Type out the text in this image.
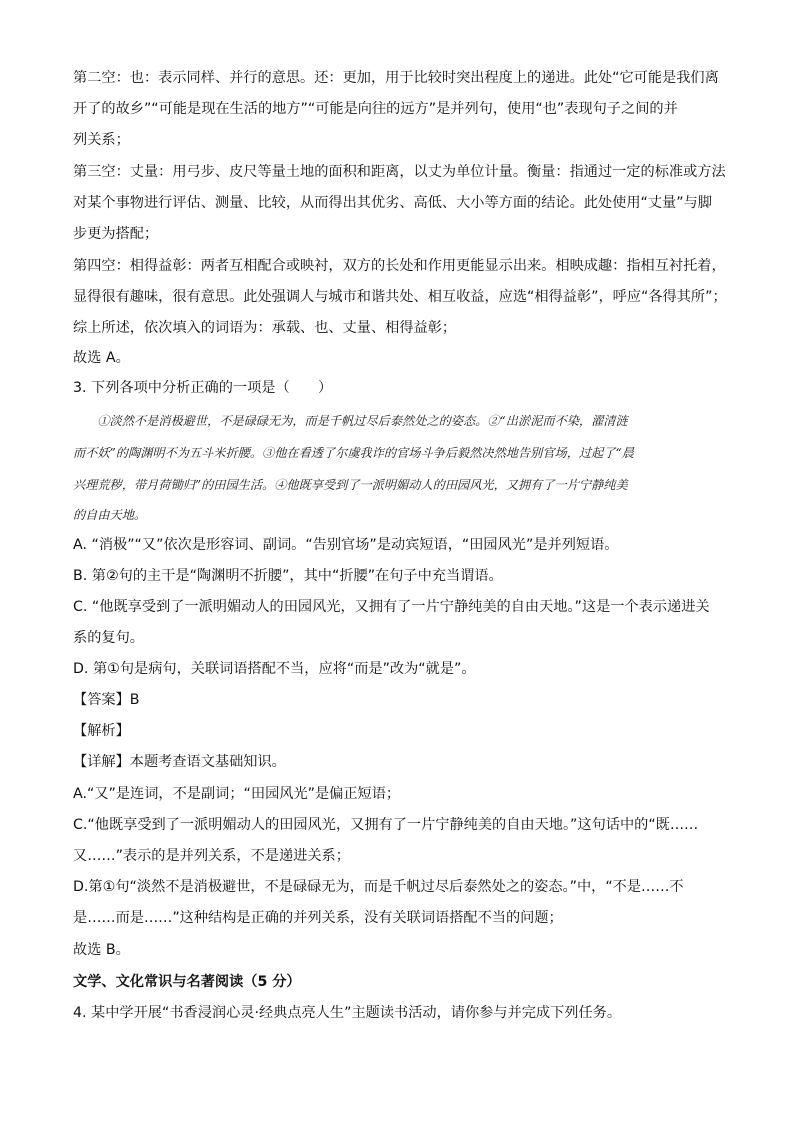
第二空：也：表示同样、并行的意思。还：更加，用于比较时突出程度上的递进。此处“它可能是我们离
开了的故乡”“可能是现在生活的地方”“可能是向往的远方”是并列句，使用“也”表现句子之间的并
列关系；
第三空：丈量：用弓步、皮尺等量土地的面积和距离，以丈为单位计量。衡量：指通过一定的标准或方法
对某个事物进行评估、测量、比较，从而得出其优劣、高低、大小等方面的结论。此处使用“丈量”与脚
步更为搭配；
第四空：相得益彰：两者互相配合或映衬，双方的长处和作用更能显示出来。相映成趣：指相互衬托着，
显得很有趣味，很有意思。此处强调人与城市和谐共处、相互收益，应选“相得益彰”，呼应“各得其所”；
综上所述，依次填入的词语为：承载、也、丈量、相得益彰；
故选 A。
3. 下列各项中分析正确的一项是（　　）
　　①淡然不是消极避世，不是碌碌无为，而是千帆过尽后泰然处之的姿态。②“出淤泥而不染，濯清涟
而不妖”的陶渊明不为五斗米折腰。③他在看透了尔虞我诈的官场斗争后毅然决然地告别官场，过起了“晨
兴理荒秽，带月荷锄归”的田园生活。④他既享受到了一派明媚动人的田园风光，又拥有了一片宁静纯美
的自由天地。
A. “消极”“又”依次是形容词、副词。“告别官场”是动宾短语，“田园风光”是并列短语。
B. 第②句的主干是“陶渊明不折腰”，其中“折腰”在句子中充当谓语。
C. “他既享受到了一派明媚动人的田园风光，又拥有了一片宁静纯美的自由天地。”这是一个表示递进关
系的复句。
D. 第①句是病句，关联词语搭配不当，应将“而是”改为“就是”。
【答案】B
【解析】
【详解】本题考查语文基础知识。
A.“又”是连词，不是副词；“田园风光”是偏正短语；
C.“他既享受到了一派明媚动人的田园风光，又拥有了一片宁静纯美的自由天地。”这句话中的“既……
又……”表示的是并列关系，不是递进关系；
D.第①句“淡然不是消极避世，不是碌碌无为，而是千帆过尽后泰然处之的姿态。”中，“不是……不
是……而是……”这种结构是正确的并列关系，没有关联词语搭配不当的问题；
故选 B。
文学、文化常识与名著阅读（5 分）
4. 某中学开展“书香浸润心灵·经典点亮人生”主题读书活动，请你参与并完成下列任务。
